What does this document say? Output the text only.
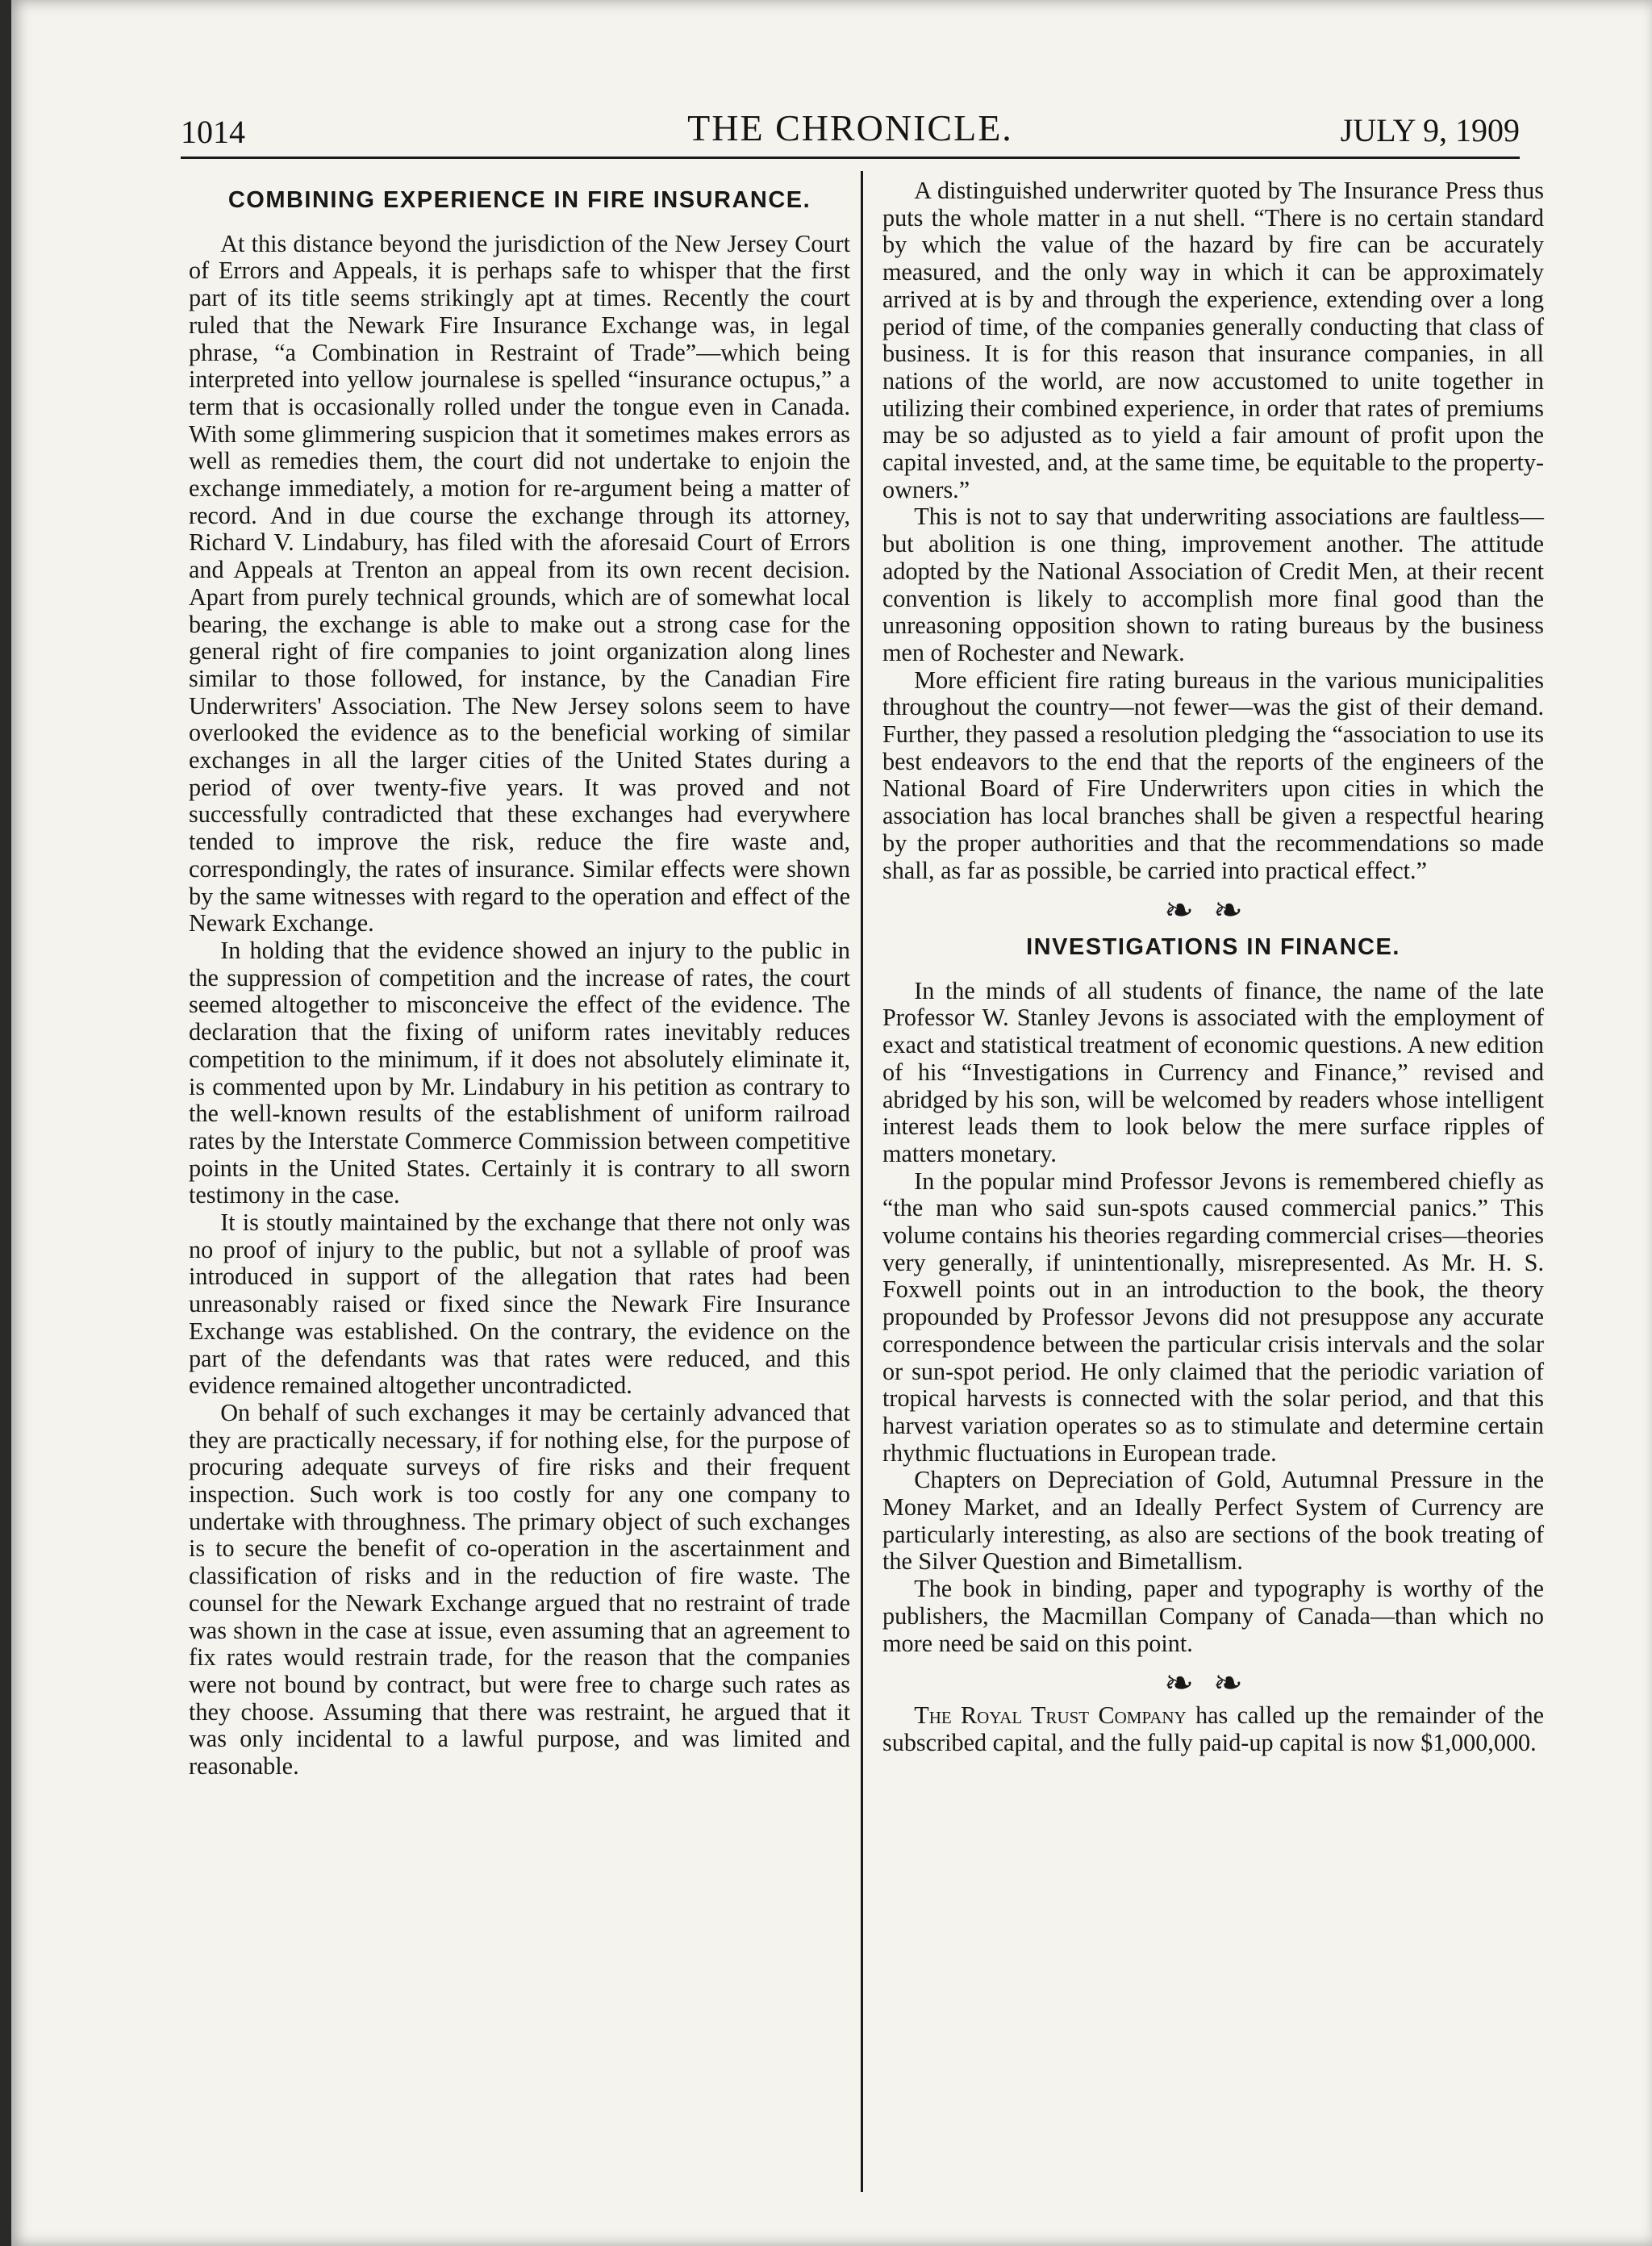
1014	THE CHRONICLE.	JULY 9, 1909
COMBINING EXPERIENCE IN FIRE INSURANCE.

At this distance beyond the jurisdiction of the New Jersey Court of Errors and Appeals, it is perhaps safe to whisper that the first part of its title seems strikingly apt at times. Recently the court ruled that the Newark Fire Insurance Exchange was, in legal phrase, “a Combination in Restraint of Trade”—which being interpreted into yellow journalese is spelled “insurance octupus,” a term that is occasionally rolled under the tongue even in Canada. With some glimmering suspicion that it sometimes makes errors as well as remedies them, the court did not undertake to enjoin the exchange immediately, a motion for re-argument being a matter of record. And in due course the exchange through its attorney, Richard V. Lindabury, has filed with the aforesaid Court of Errors and Appeals at Trenton an appeal from its own recent decision. Apart from purely technical grounds, which are of somewhat local bearing, the exchange is able to make out a strong case for the general right of fire companies to joint organization along lines similar to those followed, for instance, by the Canadian Fire Underwriters' Association. The New Jersey solons seem to have overlooked the evidence as to the beneficial working of similar exchanges in all the larger cities of the United States during a period of over twenty-five years. It was proved and not successfully contradicted that these exchanges had everywhere tended to improve the risk, reduce the fire waste and, correspondingly, the rates of insurance. Similar effects were shown by the same witnesses with regard to the operation and effect of the Newark Exchange.

In holding that the evidence showed an injury to the public in the suppression of competition and the increase of rates, the court seemed altogether to misconceive the effect of the evidence. The declaration that the fixing of uniform rates inevitably reduces competition to the minimum, if it does not absolutely eliminate it, is commented upon by Mr. Lindabury in his petition as contrary to the well-known results of the establishment of uniform railroad rates by the Interstate Commerce Commission between competitive points in the United States. Certainly it is contrary to all sworn testimony in the case.

It is stoutly maintained by the exchange that there not only was no proof of injury to the public, but not a syllable of proof was introduced in support of the allegation that rates had been unreasonably raised or fixed since the Newark Fire Insurance Exchange was established. On the contrary, the evidence on the part of the defendants was that rates were reduced, and this evidence remained altogether uncontradicted.

On behalf of such exchanges it may be certainly advanced that they are practically necessary, if for nothing else, for the purpose of procuring adequate surveys of fire risks and their frequent inspection. Such work is too costly for any one company to undertake with throughness. The primary object of such exchanges is to secure the benefit of co-operation in the ascertainment and classification of risks and in the reduction of fire waste. The counsel for the Newark Exchange argued that no restraint of trade was shown in the case at issue, even assuming that an agreement to fix rates would restrain trade, for the reason that the companies were not bound by contract, but were free to charge such rates as they choose. Assuming that there was restraint, he argued that it was only incidental to a lawful purpose, and was limited and reasonable.

A distinguished underwriter quoted by The Insurance Press thus puts the whole matter in a nut shell. “There is no certain standard by which the value of the hazard by fire can be accurately measured, and the only way in which it can be approximately arrived at is by and through the experience, extending over a long period of time, of the companies generally conducting that class of business. It is for this reason that insurance companies, in all nations of the world, are now accustomed to unite together in utilizing their combined experience, in order that rates of premiums may be so adjusted as to yield a fair amount of profit upon the capital invested, and, at the same time, be equitable to the property-owners.”

This is not to say that underwriting associations are faultless—but abolition is one thing, improvement another. The attitude adopted by the National Association of Credit Men, at their recent convention is likely to accomplish more final good than the unreasoning opposition shown to rating bureaus by the business men of Rochester and Newark.

More efficient fire rating bureaus in the various municipalities throughout the country—not fewer—was the gist of their demand. Further, they passed a resolution pledging the “association to use its best endeavors to the end that the reports of the engineers of the National Board of Fire Underwriters upon cities in which the association has local branches shall be given a respectful hearing by the proper authorities and that the recommendations so made shall, as far as possible, be carried into practical effect.”

❧❧
INVESTIGATIONS IN FINANCE.

In the minds of all students of finance, the name of the late Professor W. Stanley Jevons is associated with the employment of exact and statistical treatment of economic questions. A new edition of his “Investigations in Currency and Finance,” revised and abridged by his son, will be welcomed by readers whose intelligent interest leads them to look below the mere surface ripples of matters monetary.

In the popular mind Professor Jevons is remembered chiefly as “the man who said sun-spots caused commercial panics.” This volume contains his theories regarding commercial crises—theories very generally, if unintentionally, misrepresented. As Mr. H. S. Foxwell points out in an introduction to the book, the theory propounded by Professor Jevons did not presuppose any accurate correspondence between the particular crisis intervals and the solar or sun-spot period. He only claimed that the periodic variation of tropical harvests is connected with the solar period, and that this harvest variation operates so as to stimulate and determine certain rhythmic fluctuations in European trade.

Chapters on Depreciation of Gold, Autumnal Pressure in the Money Market, and an Ideally Perfect System of Currency are particularly interesting, as also are sections of the book treating of the Silver Question and Bimetallism.

The book in binding, paper and typography is worthy of the publishers, the Macmillan Company of Canada—than which no more need be said on this point.

❧❧

The Royal Trust Company has called up the remainder of the subscribed capital, and the fully paid-up capital is now $1,000,000.
